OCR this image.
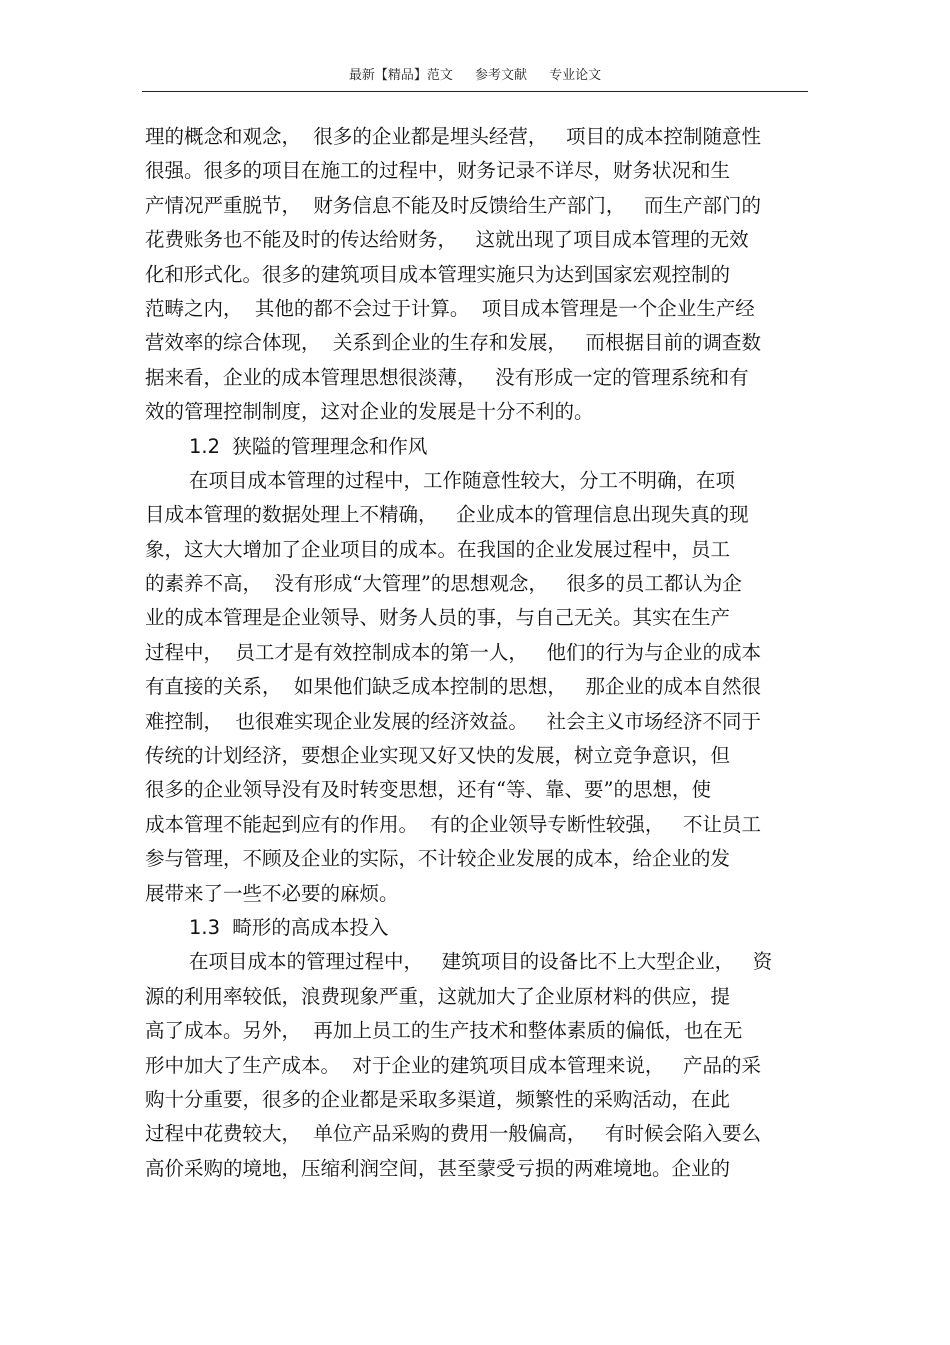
最新【精品】范文 参考文献 专业论文
理的概念和观念，  很多的企业都是埋头经营，   项目的成本控制随意性
很强。很多的项目在施工的过程中，财务记录不详尽，财务状况和生
产情况严重脱节，  财务信息不能及时反馈给生产部门，   而生产部门的
花费账务也不能及时的传达给财务，   这就出现了项目成本管理的无效
化和形式化。很多的建筑项目成本管理实施只为达到国家宏观控制的
范畴之内，  其他的都不会过于计算。  项目成本管理是一个企业生产经
营效率的综合体现，  关系到企业的生存和发展，   而根据目前的调查数
据来看，企业的成本管理思想很淡薄，   没有形成一定的管理系统和有
效的管理控制制度，这对企业的发展是十分不利的。
1.2  狭隘的管理理念和作风
在项目成本管理的过程中，工作随意性较大，分工不明确，在项
目成本管理的数据处理上不精确，   企业成本的管理信息出现失真的现
象，这大大增加了企业项目的成本。在我国的企业发展过程中，员工
的素养不高，  没有形成“大管理”的思想观念，   很多的员工都认为企
业的成本管理是企业领导、财务人员的事，与自己无关。其实在生产
过程中，  员工才是有效控制成本的第一人，   他们的行为与企业的成本
有直接的关系，  如果他们缺乏成本控制的思想，   那企业的成本自然很
难控制，  也很难实现企业发展的经济效益。   社会主义市场经济不同于
传统的计划经济，要想企业实现又好又快的发展，树立竞争意识，但
很多的企业领导没有及时转变思想，还有“等、靠、要”的思想，使
成本管理不能起到应有的作用。  有的企业领导专断性较强，   不让员工
参与管理，不顾及企业的实际，不计较企业发展的成本，给企业的发
展带来了一些不必要的麻烦。
1.3  畸形的高成本投入
在项目成本的管理过程中，   建筑项目的设备比不上大型企业，   资
源的利用率较低，浪费现象严重，这就加大了企业原材料的供应，提
高了成本。另外，  再加上员工的生产技术和整体素质的偏低，也在无
形中加大了生产成本。  对于企业的建筑项目成本管理来说，   产品的采
购十分重要，很多的企业都是采取多渠道，频繁性的采购活动，在此
过程中花费较大，  单位产品采购的费用一般偏高，   有时候会陷入要么
高价采购的境地，压缩利润空间，甚至蒙受亏损的两难境地。企业的
